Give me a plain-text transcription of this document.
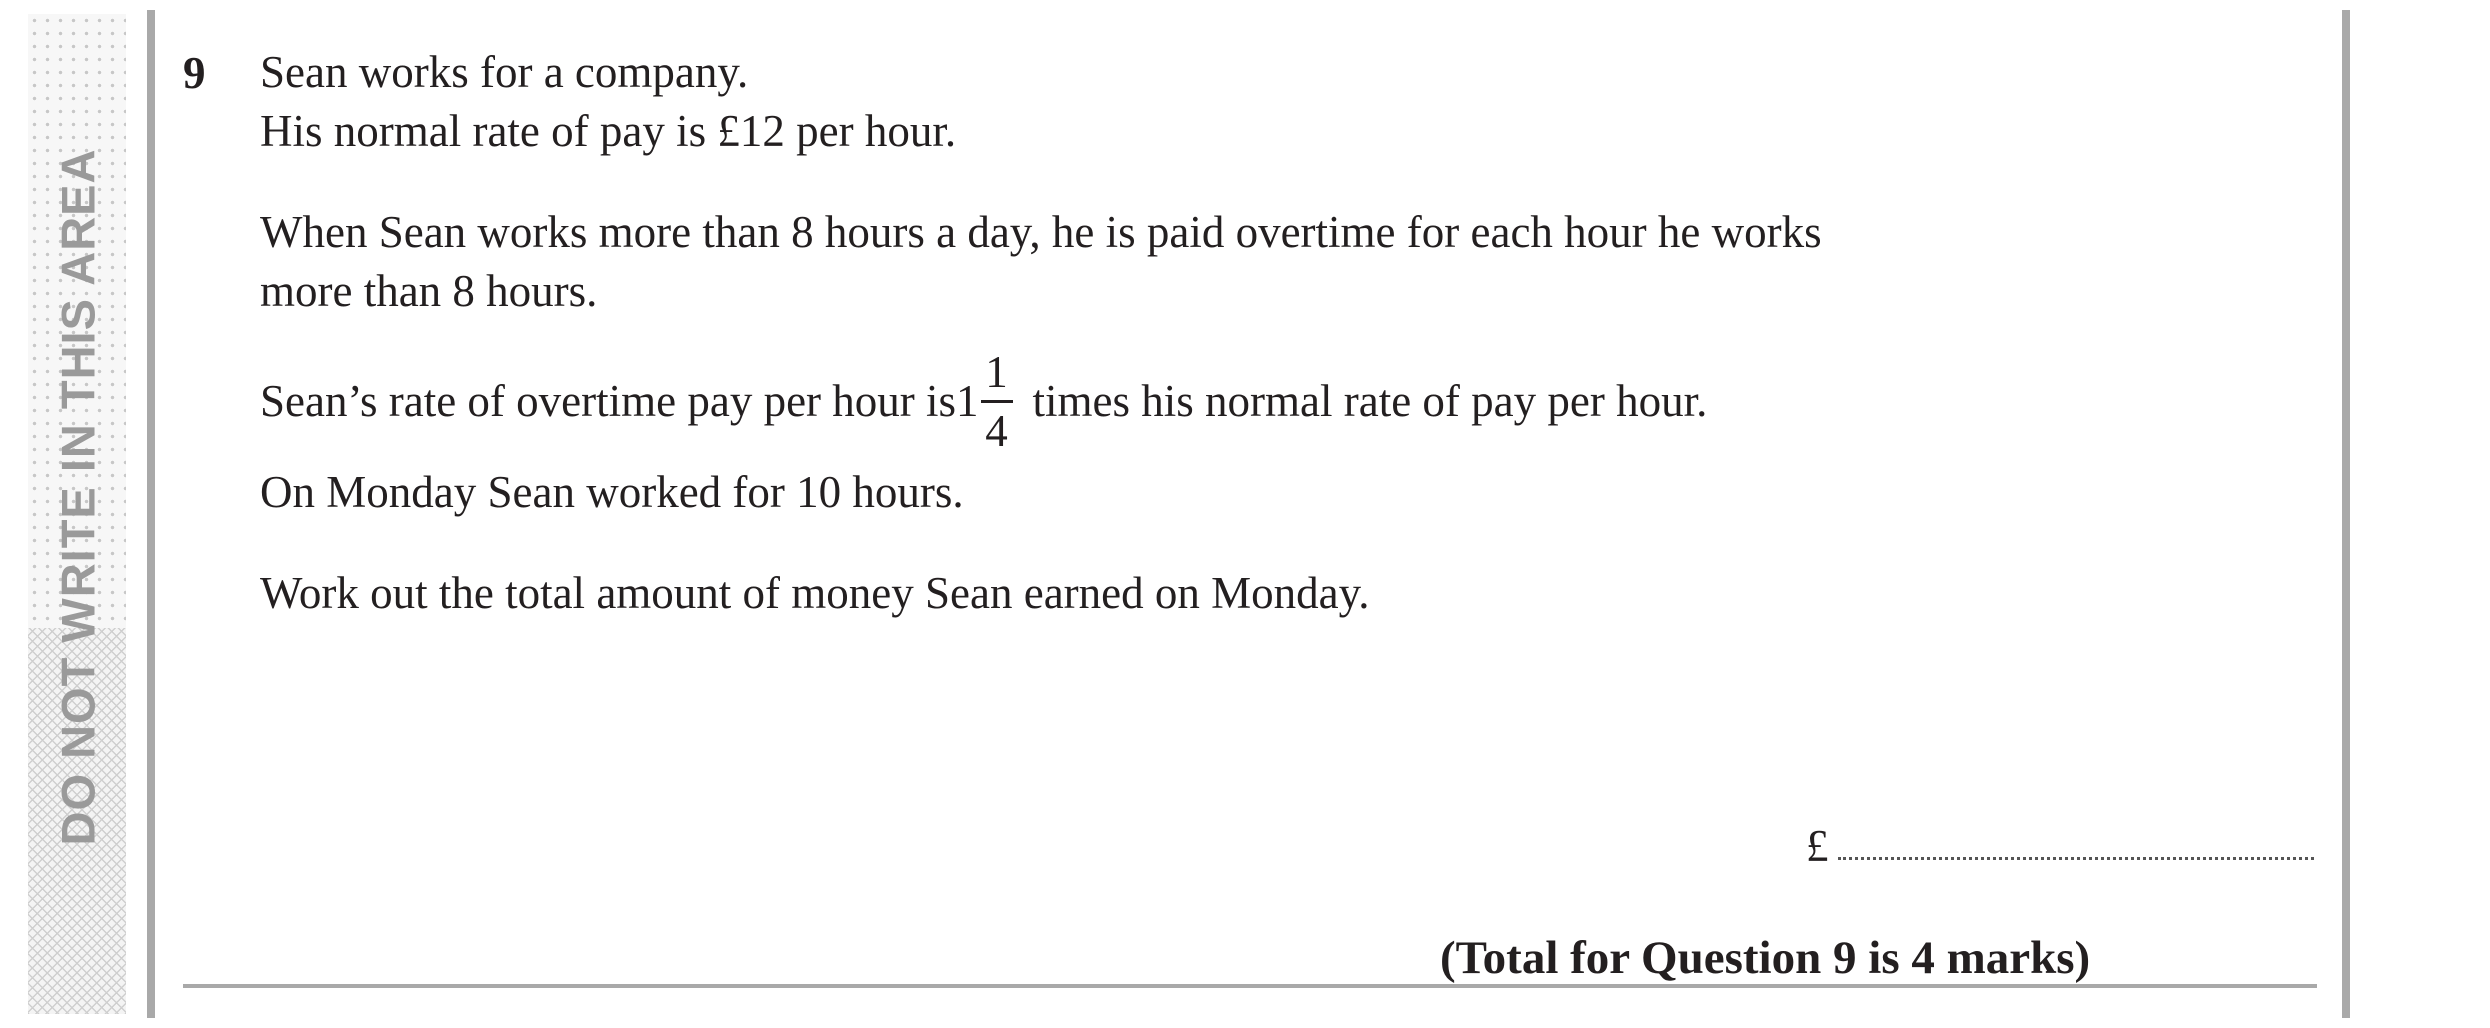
DO NOT WRITE IN THIS AREA
9 Sean works for a company.
His normal rate of pay is £12 per hour.
When Sean works more than 8 hours a day, he is paid overtime for each hour he works
more than 8 hours.
Sean’s rate of overtime pay per hour is $1 \frac{1}{4}$ times his normal rate of pay per hour.
On Monday Sean worked for 10 hours.
Work out the total amount of money Sean earned on Monday.
£
(Total for Question 9 is 4 marks)
